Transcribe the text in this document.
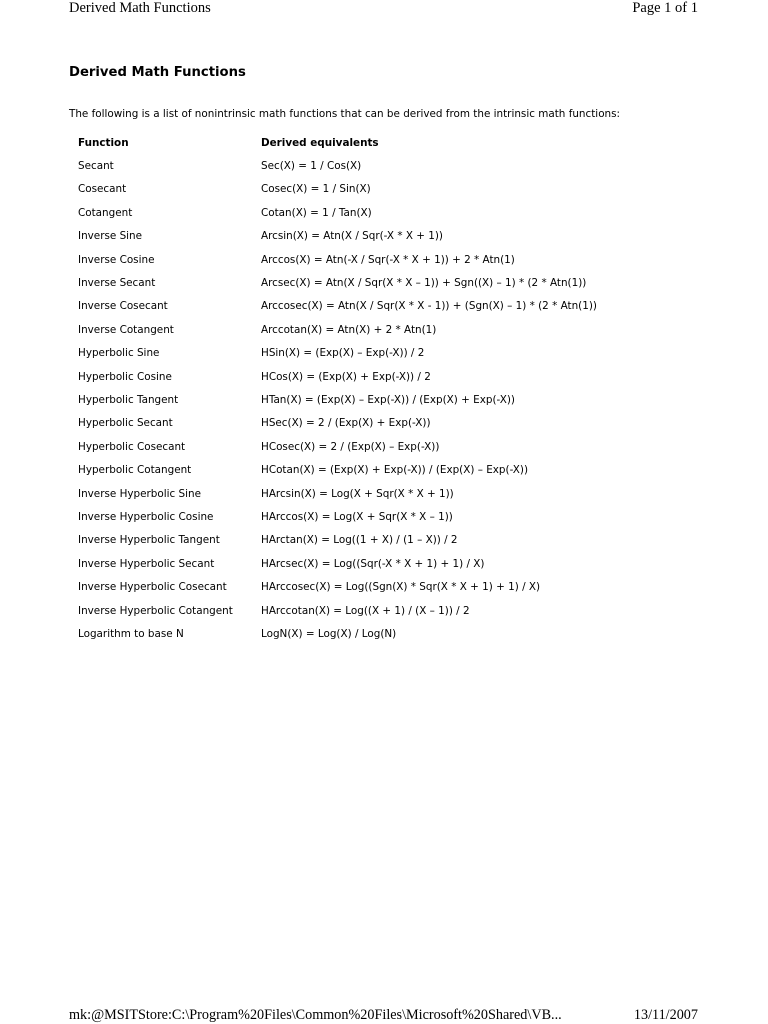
Derived Math Functions	Page 1 of 1
Derived Math Functions

The following is a list of nonintrinsic math functions that can be derived from the intrinsic math functions:

Function	Derived equivalents
Secant	Sec(X) = 1 / Cos(X)
Cosecant	Cosec(X) = 1 / Sin(X)
Cotangent	Cotan(X) = 1 / Tan(X)
Inverse Sine	Arcsin(X) = Atn(X / Sqr(-X * X + 1))
Inverse Cosine	Arccos(X) = Atn(-X / Sqr(-X * X + 1)) + 2 * Atn(1)
Inverse Secant	Arcsec(X) = Atn(X / Sqr(X * X – 1)) + Sgn((X) – 1) * (2 * Atn(1))
Inverse Cosecant	Arccosec(X) = Atn(X / Sqr(X * X - 1)) + (Sgn(X) – 1) * (2 * Atn(1))
Inverse Cotangent	Arccotan(X) = Atn(X) + 2 * Atn(1)
Hyperbolic Sine	HSin(X) = (Exp(X) – Exp(-X)) / 2
Hyperbolic Cosine	HCos(X) = (Exp(X) + Exp(-X)) / 2
Hyperbolic Tangent	HTan(X) = (Exp(X) – Exp(-X)) / (Exp(X) + Exp(-X))
Hyperbolic Secant	HSec(X) = 2 / (Exp(X) + Exp(-X))
Hyperbolic Cosecant	HCosec(X) = 2 / (Exp(X) – Exp(-X))
Hyperbolic Cotangent	HCotan(X) = (Exp(X) + Exp(-X)) / (Exp(X) – Exp(-X))
Inverse Hyperbolic Sine	HArcsin(X) = Log(X + Sqr(X * X + 1))
Inverse Hyperbolic Cosine	HArccos(X) = Log(X + Sqr(X * X – 1))
Inverse Hyperbolic Tangent	HArctan(X) = Log((1 + X) / (1 – X)) / 2
Inverse Hyperbolic Secant	HArcsec(X) = Log((Sqr(-X * X + 1) + 1) / X)
Inverse Hyperbolic Cosecant	HArccosec(X) = Log((Sgn(X) * Sqr(X * X + 1) + 1) / X)
Inverse Hyperbolic Cotangent	HArccotan(X) = Log((X + 1) / (X – 1)) / 2
Logarithm to base N	LogN(X) = Log(X) / Log(N)
mk:@MSITStore:C:\Program%20Files\Common%20Files\Microsoft%20Shared\VB...	13/11/2007
